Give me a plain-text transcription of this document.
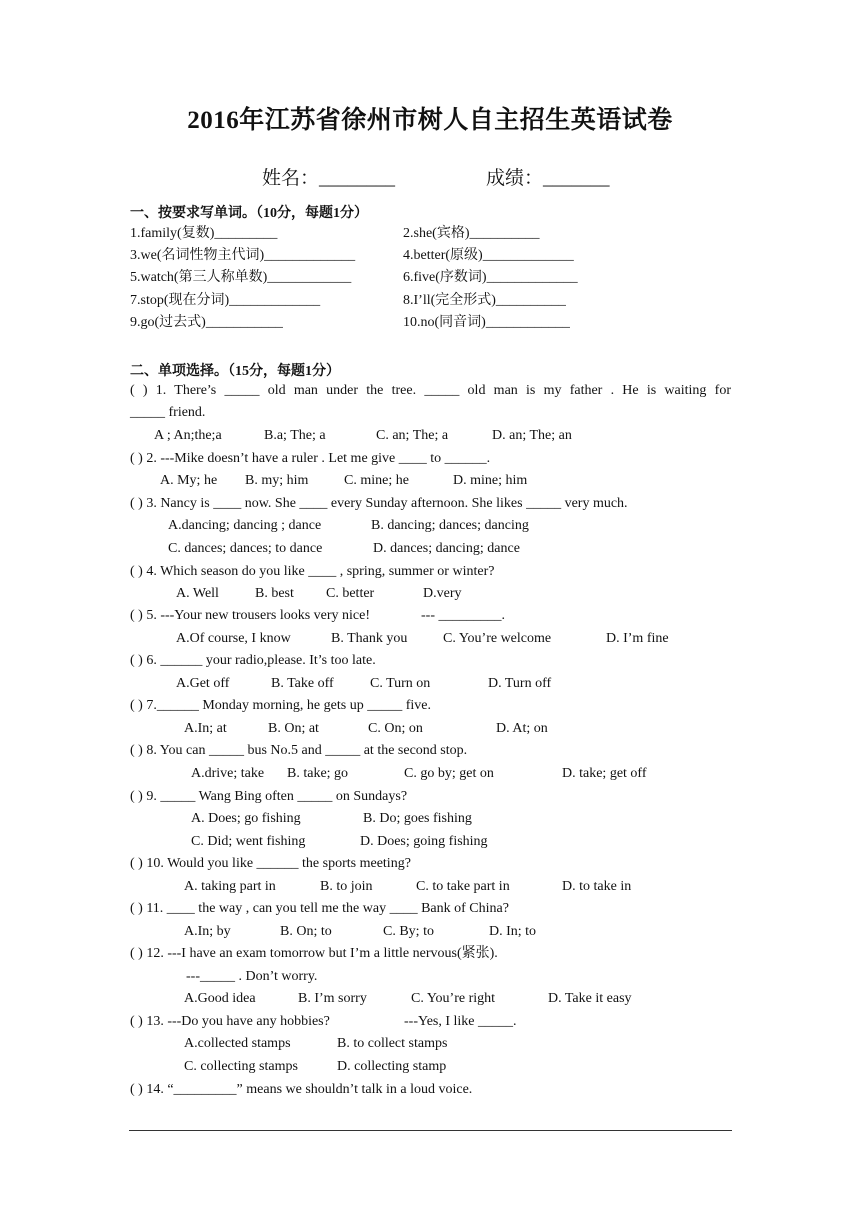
2016年江苏省徐州市树人自主招生英语试卷
姓名：________	成绩：_______
一、按要求写单词。（10分，每题1分）
1.family(复数)_________	2.she(宾格)__________
3.we(名词性物主代词)_____________	4.better(原级)_____________
5.watch(第三人称单数)____________	6.five(序数词)_____________
7.stop(现在分词)_____________	8.I’ll(完全形式)__________
9.go(过去式)___________	10.no(同音词)____________
二、单项选择。（15分，每题1分）
( ) 1. There’s _____ old man under the tree. _____ old man is my father . He is waiting for
_____ friend.
A ; An;the;a	B.a; The; a	C. an; The; a	D. an; The; an
( ) 2. ---Mike doesn’t have a ruler . Let me give ____ to ______.
A. My; he B. my; him	C. mine; he	D. mine; him
( ) 3. Nancy is ____ now. She ____ every Sunday afternoon. She likes _____ very much.
A.dancing; dancing ; dance	B. dancing; dances; dancing
C. dances; dances; to dance	D. dances; dancing; dance
( ) 4. Which season do you like ____ , spring, summer or winter?
A. Well	B. best C. better	D.very
( ) 5. ---Your new trousers looks very nice!	--- _________.
A.Of course, I know	B. Thank you	C. You’re welcome	D. I’m fine
( ) 6. ______ your radio,please. It’s too late.
A.Get off	B. Take off	C. Turn on	D. Turn off
( ) 7.______ Monday morning, he gets up _____ five.
A.In; at	B. On; at	C. On; on	D. At; on
( ) 8. You can _____ bus No.5 and _____ at the second stop.
A.drive; take B. take; go	C. go by; get on	D. take; get off
( ) 9. _____ Wang Bing often _____ on Sundays?
A. Does; go fishing	B. Do; goes fishing
C. Did; went fishing	D. Does; going fishing
( ) 10. Would you like ______ the sports meeting?
A. taking part in	B. to join	C. to take part in	D. to take in
( ) 11. ____ the way , can you tell me the way ____ Bank of China?
A.In; by	B. On; to	C. By; to	D. In; to
( ) 12. ---I have an exam tomorrow but I’m a little nervous(紧张).
---_____ . Don’t worry.
A.Good idea	B. I’m sorry	C. You’re right	D. Take it easy
( ) 13. ---Do you have any hobbies?	---Yes, I like _____.
A.collected stamps	B. to collect stamps
C. collecting stamps	D. collecting stamp
( ) 14. “_________” means we shouldn’t talk in a loud voice.
